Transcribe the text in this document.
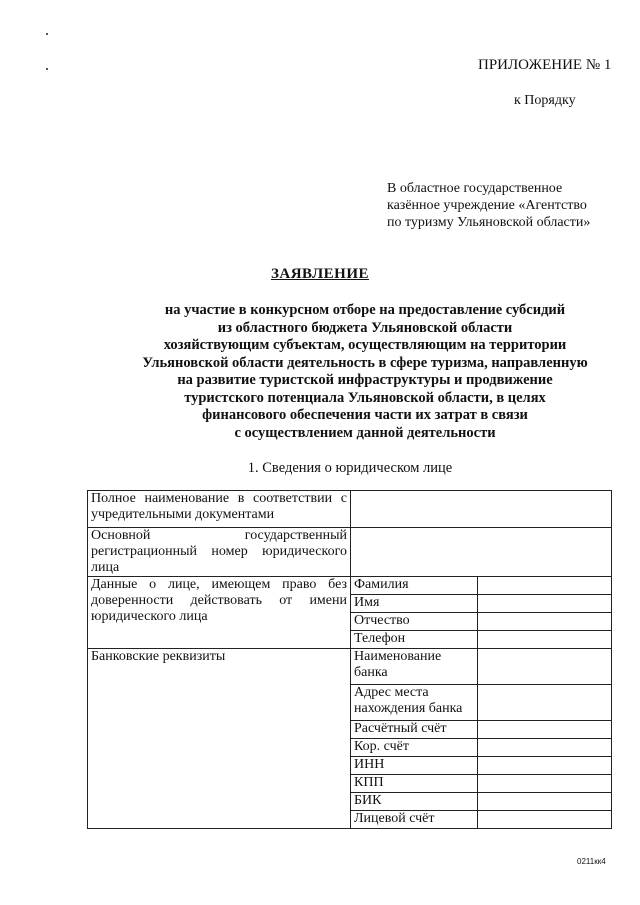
ПРИЛОЖЕНИЕ № 1
к Порядку
В областное государственное
казённое учреждение «Агентство
по туризму Ульяновской области»
ЗАЯВЛЕНИЕ
на участие в конкурсном отборе на предоставление субсидий
из областного бюджета Ульяновской области
хозяйствующим субъектам, осуществляющим на территории
Ульяновской области деятельность в сфере туризма, направленную
на развитие туристской инфраструктуры и продвижение
туристского потенциала Ульяновской области, в целях
финансового обеспечения части их затрат в связи
с осуществлением данной деятельности
1. Сведения о юридическом лице
Полное наименование в соответствии с учредительными документами		
Основной государственный регистрационный номер юридического лица		
Данные о лице, имеющем право без доверенности действовать от имени юридического лица	Фамилия	
	Имя	
	Отчество	
	Телефон	
Банковские реквизиты	Наименование банка	
	Адрес места нахождения банка	
	Расчётный счёт	
	Кор. счёт	
	ИНН	
	КПП	
	БИК	
	Лицевой счёт	
0211кк4
